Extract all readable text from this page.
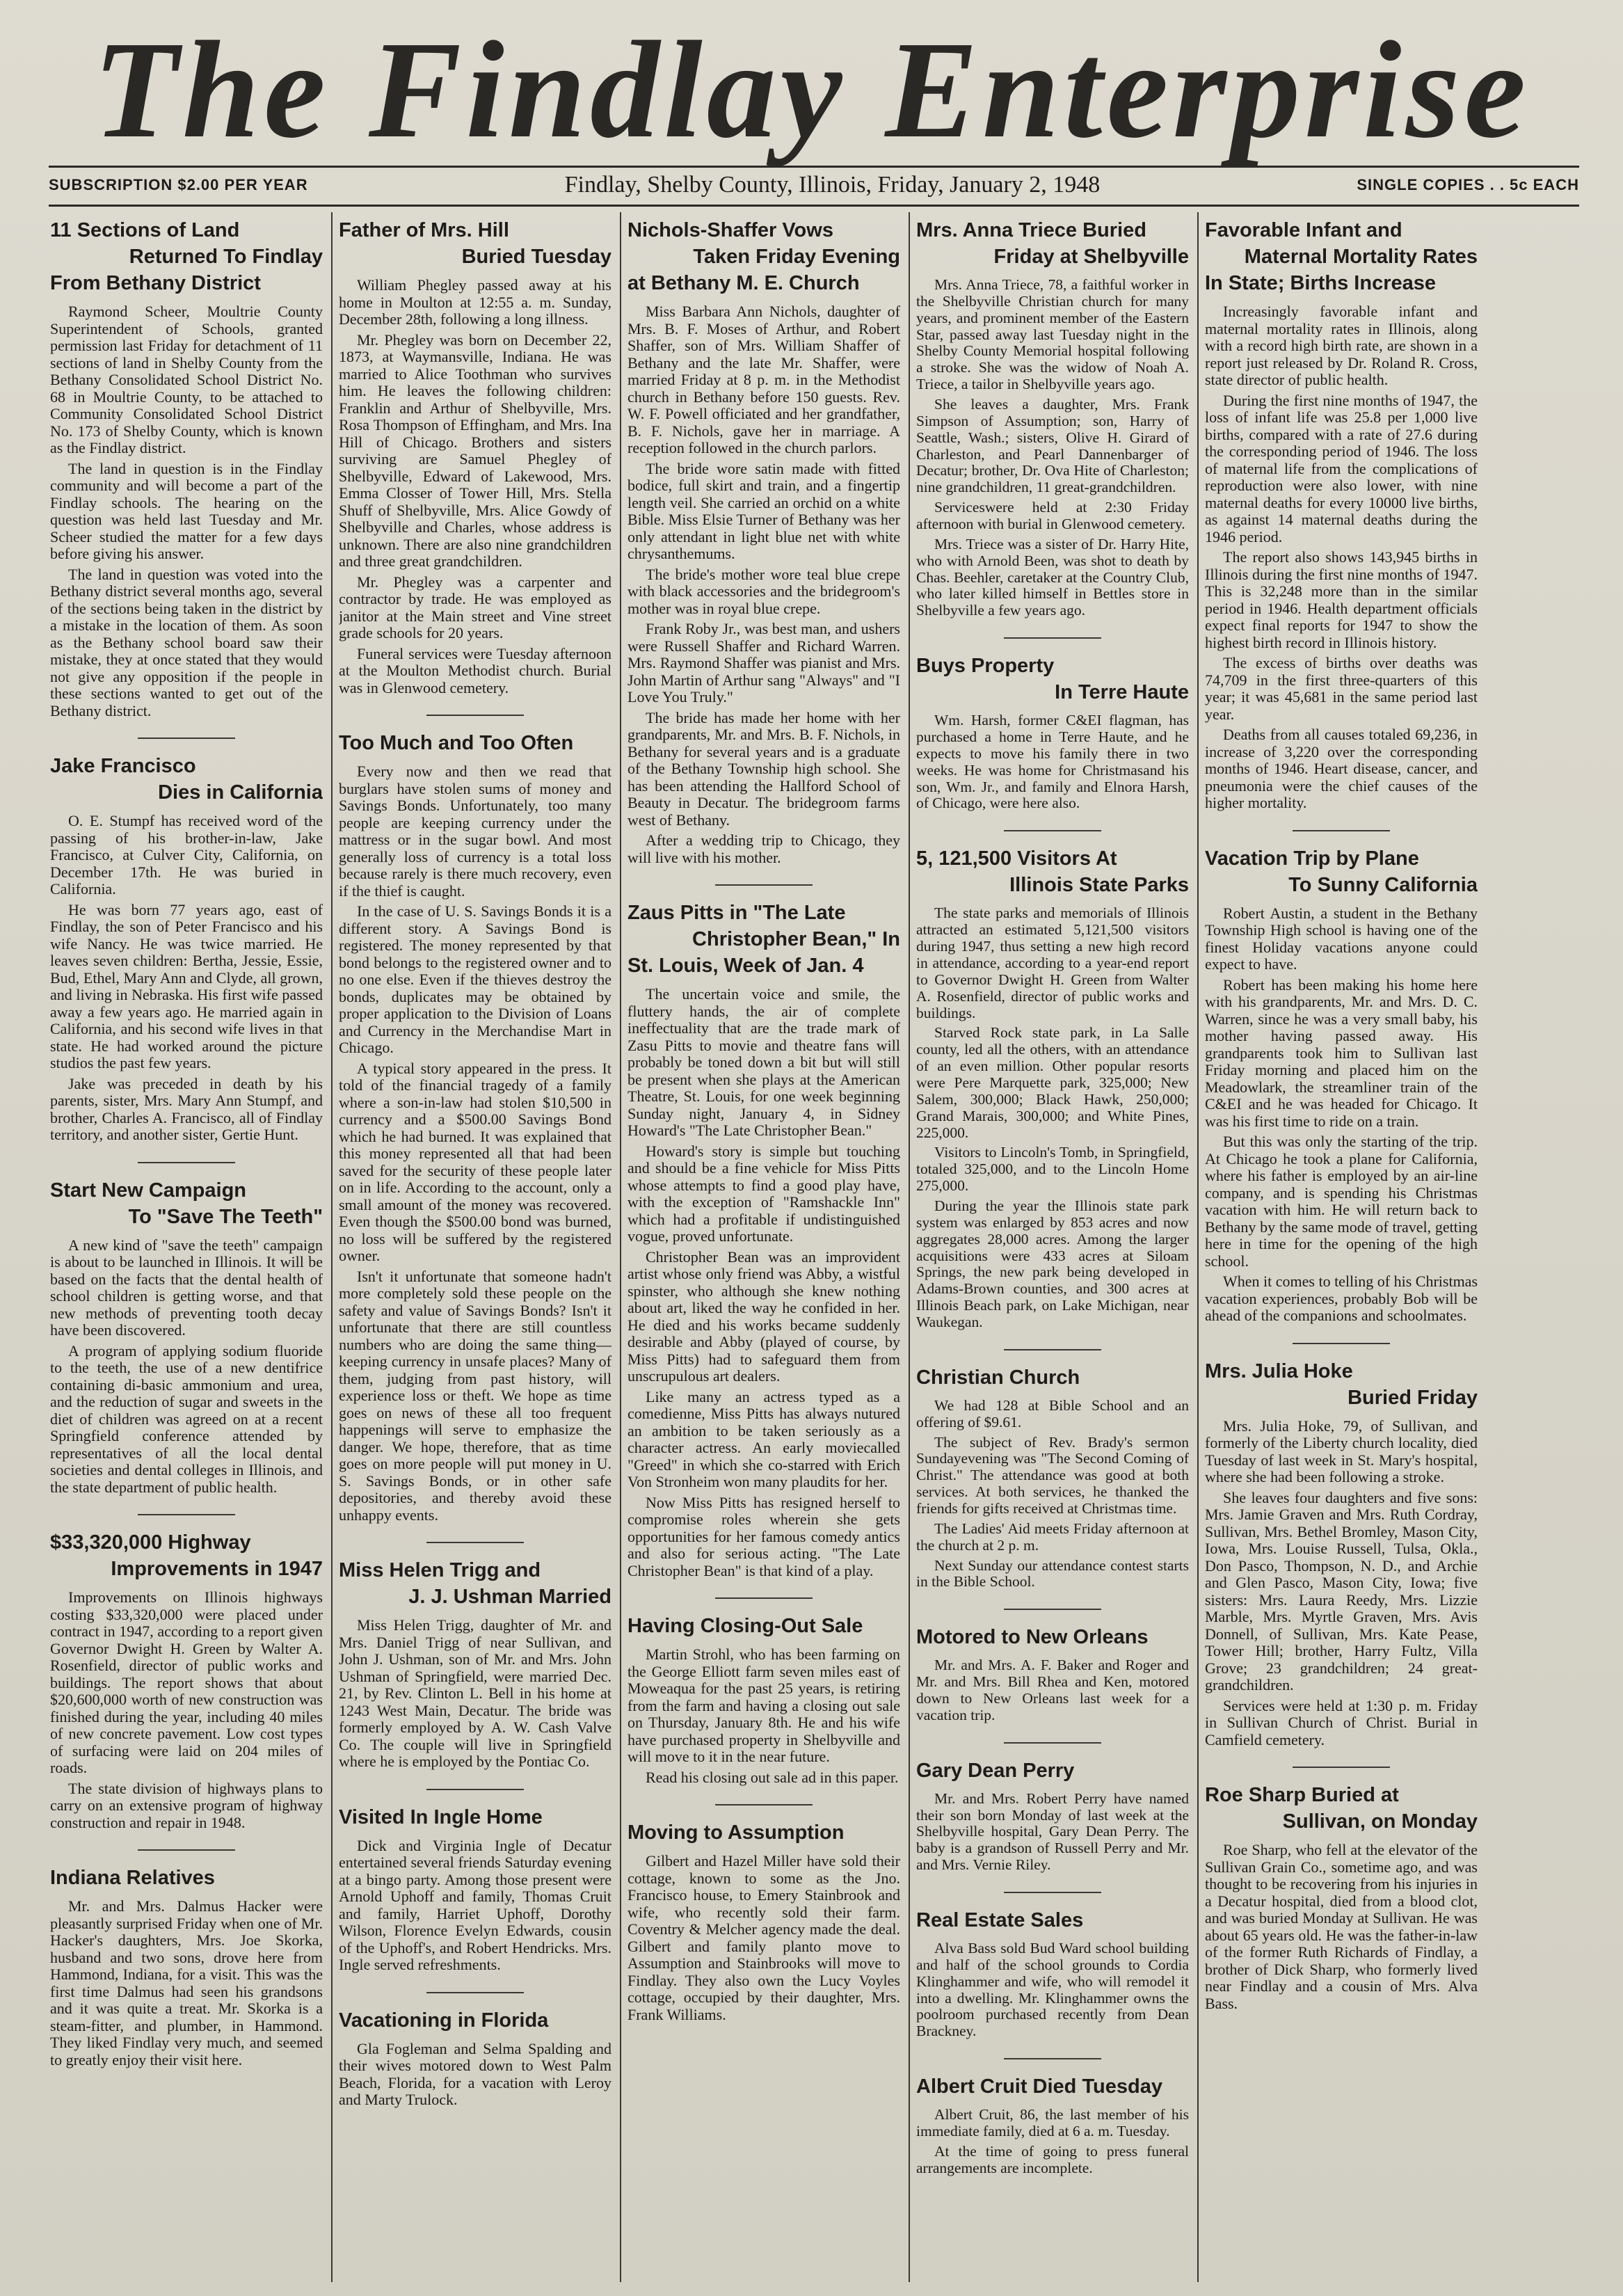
The Findlay Enterprise
SUBSCRIPTION $2.00 PER YEAR	Findlay, Shelby County, Illinois, Friday, January 2, 1948	SINGLE COPIES . . 5c EACH
11 Sections of Land
Returned To Findlay
From Bethany District

Raymond Scheer, Moultrie County Superintendent of Schools, granted permission last Friday for detachment of 11 sections of land in Shelby County from the Bethany Consolidated School District No. 68 in Moultrie County, to be attached to Community Consolidated School District No. 173 of Shelby County, which is known as the Findlay district.

The land in question is in the Findlay community and will become a part of the Findlay schools. The hearing on the question was held last Tuesday and Mr. Scheer studied the matter for a few days before giving his answer.

The land in question was voted into the Bethany district several months ago, several of the sections being taken in the district by a mistake in the location of them. As soon as the Bethany school board saw their mistake, they at once stated that they would not give any opposition if the people in these sections wanted to get out of the Bethany district.

Jake Francisco
Dies in California

O. E. Stumpf has received word of the passing of his brother-in-law, Jake Francisco, at Culver City, California, on December 17th. He was buried in California.

He was born 77 years ago, east of Findlay, the son of Peter Francisco and his wife Nancy. He was twice married. He leaves seven children: Bertha, Jessie, Essie, Bud, Ethel, Mary Ann and Clyde, all grown, and living in Nebraska. His first wife passed away a few years ago. He married again in California, and his second wife lives in that state. He had worked around the picture studios the past few years.

Jake was preceded in death by his parents, sister, Mrs. Mary Ann Stumpf, and brother, Charles A. Francisco, all of Findlay territory, and another sister, Gertie Hunt.

Start New Campaign
To "Save The Teeth"

A new kind of "save the teeth" campaign is about to be launched in Illinois. It will be based on the facts that the dental health of school children is getting worse, and that new methods of preventing tooth decay have been discovered.

A program of applying sodium fluoride to the teeth, the use of a new dentifrice containing di-basic ammonium and urea, and the reduction of sugar and sweets in the diet of children was agreed on at a recent Springfield conference attended by representatives of all the local dental societies and dental colleges in Illinois, and the state department of public health.

$33,320,000 Highway
Improvements in 1947

Improvements on Illinois highways costing $33,320,000 were placed under contract in 1947, according to a report given Governor Dwight H. Green by Walter A. Rosenfield, director of public works and buildings. The report shows that about $20,600,000 worth of new construction was finished during the year, including 40 miles of new concrete pavement. Low cost types of surfacing were laid on 204 miles of roads.

The state division of highways plans to carry on an extensive program of highway construction and repair in 1948.

Indiana Relatives

Mr. and Mrs. Dalmus Hacker were pleasantly surprised Friday when one of Mr. Hacker's daughters, Mrs. Joe Skorka, husband and two sons, drove here from Hammond, Indiana, for a visit. This was the first time Dalmus had seen his grandsons and it was quite a treat. Mr. Skorka is a steam-fitter, and plumber, in Hammond. They liked Findlay very much, and seemed to greatly enjoy their visit here.

Father of Mrs. Hill
Buried Tuesday

William Phegley passed away at his home in Moulton at 12:55 a. m. Sunday, December 28th, following a long illness.

Mr. Phegley was born on December 22, 1873, at Waymansville, Indiana. He was married to Alice Toothman who survives him. He leaves the following children: Franklin and Arthur of Shelbyville, Mrs. Rosa Thompson of Effingham, and Mrs. Ina Hill of Chicago. Brothers and sisters surviving are Samuel Phegley of Shelbyville, Edward of Lakewood, Mrs. Emma Closser of Tower Hill, Mrs. Stella Shuff of Shelbyville, Mrs. Alice Gowdy of Shelbyville and Charles, whose address is unknown. There are also nine grandchildren and three great grandchildren.

Mr. Phegley was a carpenter and contractor by trade. He was employed as janitor at the Main street and Vine street grade schools for 20 years.

Funeral services were Tuesday afternoon at the Moulton Methodist church. Burial was in Glenwood cemetery.

Too Much and Too Often

Every now and then we read that burglars have stolen sums of money and Savings Bonds. Unfortunately, too many people are keeping currency under the mattress or in the sugar bowl. And most generally loss of currency is a total loss because rarely is there much recovery, even if the thief is caught.

In the case of U. S. Savings Bonds it is a different story. A Savings Bond is registered. The money represented by that bond belongs to the registered owner and to no one else. Even if the thieves destroy the bonds, duplicates may be obtained by proper application to the Division of Loans and Currency in the Merchandise Mart in Chicago.

A typical story appeared in the press. It told of the financial tragedy of a family where a son-in-law had stolen $10,500 in currency and a $500.00 Savings Bond which he had burned. It was explained that this money represented all that had been saved for the security of these people later on in life. According to the account, only a small amount of the money was recovered. Even though the $500.00 bond was burned, no loss will be suffered by the registered owner.

Isn't it unfortunate that someone hadn't more completely sold these people on the safety and value of Savings Bonds? Isn't it unfortunate that there are still countless numbers who are doing the same thing—keeping currency in unsafe places? Many of them, judging from past history, will experience loss or theft. We hope as time goes on news of these all too frequent happenings will serve to emphasize the danger. We hope, therefore, that as time goes on more people will put money in U. S. Savings Bonds, or in other safe depositories, and thereby avoid these unhappy events.

Miss Helen Trigg and
J. J. Ushman Married

Miss Helen Trigg, daughter of Mr. and Mrs. Daniel Trigg of near Sullivan, and John J. Ushman, son of Mr. and Mrs. John Ushman of Springfield, were married Dec. 21, by Rev. Clinton L. Bell in his home at 1243 West Main, Decatur. The bride was formerly employed by A. W. Cash Valve Co. The couple will live in Springfield where he is employed by the Pontiac Co.

Visited In Ingle Home

Dick and Virginia Ingle of Decatur entertained several friends Saturday evening at a bingo party. Among those present were Arnold Uphoff and family, Thomas Cruit and family, Harriet Uphoff, Dorothy Wilson, Florence Evelyn Edwards, cousin of the Uphoff's, and Robert Hendricks. Mrs. Ingle served refreshments.

Vacationing in Florida

Gla Fogleman and Selma Spalding and their wives motored down to West Palm Beach, Florida, for a vacation with Leroy and Marty Trulock.

Nichols-Shaffer Vows
Taken Friday Evening
at Bethany M. E. Church

Miss Barbara Ann Nichols, daughter of Mrs. B. F. Moses of Arthur, and Robert Shaffer, son of Mrs. William Shaffer of Bethany and the late Mr. Shaffer, were married Friday at 8 p. m. in the Methodist church in Bethany before 150 guests. Rev. W. F. Powell officiated and her grandfather, B. F. Nichols, gave her in marriage. A reception followed in the church parlors.

The bride wore satin made with fitted bodice, full skirt and train, and a fingertip length veil. She carried an orchid on a white Bible. Miss Elsie Turner of Bethany was her only attendant in light blue net with white chrysanthemums.

The bride's mother wore teal blue crepe with black accessories and the bridegroom's mother was in royal blue crepe.

Frank Roby Jr., was best man, and ushers were Russell Shaffer and Richard Warren. Mrs. Raymond Shaffer was pianist and Mrs. John Martin of Arthur sang "Always" and "I Love You Truly."

The bride has made her home with her grandparents, Mr. and Mrs. B. F. Nichols, in Bethany for several years and is a graduate of the Bethany Township high school. She has been attending the Hallford School of Beauty in Decatur. The bridegroom farms west of Bethany.

After a wedding trip to Chicago, they will live with his mother.

Zaus Pitts in "The Late
Christopher Bean," In
St. Louis, Week of Jan. 4

The uncertain voice and smile, the fluttery hands, the air of complete ineffectuality that are the trade mark of Zasu Pitts to movie and theatre fans will probably be toned down a bit but will still be present when she plays at the American Theatre, St. Louis, for one week beginning Sunday night, January 4, in Sidney Howard's "The Late Christopher Bean."

Howard's story is simple but touching and should be a fine vehicle for Miss Pitts whose attempts to find a good play have, with the exception of "Ramshackle Inn" which had a profitable if undistinguished vogue, proved unfortunate.

Christopher Bean was an improvident artist whose only friend was Abby, a wistful spinster, who although she knew nothing about art, liked the way he confided in her. He died and his works became suddenly desirable and Abby (played of course, by Miss Pitts) had to safeguard them from unscrupulous art dealers.

Like many an actress typed as a comedienne, Miss Pitts has always nutured an ambition to be taken seriously as a character actress. An early moviecalled "Greed" in which she co-starred with Erich Von Stronheim won many plaudits for her.

Now Miss Pitts has resigned herself to compromise roles wherein she gets opportunities for her famous comedy antics and also for serious acting. "The Late Christopher Bean" is that kind of a play.

Having Closing-Out Sale

Martin Strohl, who has been farming on the George Elliott farm seven miles east of Moweaqua for the past 25 years, is retiring from the farm and having a closing out sale on Thursday, January 8th. He and his wife have purchased property in Shelbyville and will move to it in the near future.

Read his closing out sale ad in this paper.

Moving to Assumption

Gilbert and Hazel Miller have sold their cottage, known to some as the Jno. Francisco house, to Emery Stainbrook and wife, who recently sold their farm. Coventry & Melcher agency made the deal. Gilbert and family planto move to Assumption and Stainbrooks will move to Findlay. They also own the Lucy Voyles cottage, occupied by their daughter, Mrs. Frank Williams.

Mrs. Anna Triece Buried
Friday at Shelbyville

Mrs. Anna Triece, 78, a faithful worker in the Shelbyville Christian church for many years, and prominent member of the Eastern Star, passed away last Tuesday night in the Shelby County Memorial hospital following a stroke. She was the widow of Noah A. Triece, a tailor in Shelbyville years ago.

She leaves a daughter, Mrs. Frank Simpson of Assumption; son, Harry of Seattle, Wash.; sisters, Olive H. Girard of Charleston, and Pearl Dannenbarger of Decatur; brother, Dr. Ova Hite of Charleston; nine grandchildren, 11 great-grandchildren.

Serviceswere held at 2:30 Friday afternoon with burial in Glenwood cemetery.

Mrs. Triece was a sister of Dr. Harry Hite, who with Arnold Been, was shot to death by Chas. Beehler, caretaker at the Country Club, who later killed himself in Bettles store in Shelbyville a few years ago.

Buys Property
In Terre Haute

Wm. Harsh, former C&EI flagman, has purchased a home in Terre Haute, and he expects to move his family there in two weeks. He was home for Christmasand his son, Wm. Jr., and family and Elnora Harsh, of Chicago, were here also.

5, 121,500 Visitors At
Illinois State Parks

The state parks and memorials of Illinois attracted an estimated 5,121,500 visitors during 1947, thus setting a new high record in attendance, according to a year-end report to Governor Dwight H. Green from Walter A. Rosenfield, director of public works and buildings.

Starved Rock state park, in La Salle county, led all the others, with an attendance of an even million. Other popular resorts were Pere Marquette park, 325,000; New Salem, 300,000; Black Hawk, 250,000; Grand Marais, 300,000; and White Pines, 225,000.

Visitors to Lincoln's Tomb, in Springfield, totaled 325,000, and to the Lincoln Home 275,000.

During the year the Illinois state park system was enlarged by 853 acres and now aggregates 28,000 acres. Among the larger acquisitions were 433 acres at Siloam Springs, the new park being developed in Adams-Brown counties, and 300 acres at Illinois Beach park, on Lake Michigan, near Waukegan.

Christian Church

We had 128 at Bible School and an offering of $9.61.

The subject of Rev. Brady's sermon Sundayevening was "The Second Coming of Christ." The attendance was good at both services. At both services, he thanked the friends for gifts received at Christmas time.

The Ladies' Aid meets Friday afternoon at the church at 2 p. m.

Next Sunday our attendance contest starts in the Bible School.

Motored to New Orleans

Mr. and Mrs. A. F. Baker and Roger and Mr. and Mrs. Bill Rhea and Ken, motored down to New Orleans last week for a vacation trip.

Gary Dean Perry

Mr. and Mrs. Robert Perry have named their son born Monday of last week at the Shelbyville hospital, Gary Dean Perry. The baby is a grandson of Russell Perry and Mr. and Mrs. Vernie Riley.

Real Estate Sales

Alva Bass sold Bud Ward school building and half of the school grounds to Cordia Klinghammer and wife, who will remodel it into a dwelling. Mr. Klinghammer owns the poolroom purchased recently from Dean Brackney.

Albert Cruit Died Tuesday

Albert Cruit, 86, the last member of his immediate family, died at 6 a. m. Tuesday.

At the time of going to press funeral arrangements are incomplete.

Favorable Infant and
Maternal Mortality Rates
In State; Births Increase

Increasingly favorable infant and maternal mortality rates in Illinois, along with a record high birth rate, are shown in a report just released by Dr. Roland R. Cross, state director of public health.

During the first nine months of 1947, the loss of infant life was 25.8 per 1,000 live births, compared with a rate of 27.6 during the corresponding period of 1946. The loss of maternal life from the complications of reproduction were also lower, with nine maternal deaths for every 10000 live births, as against 14 maternal deaths during the 1946 period.

The report also shows 143,945 births in Illinois during the first nine months of 1947. This is 32,248 more than in the similar period in 1946. Health department officials expect final reports for 1947 to show the highest birth record in Illinois history.

The excess of births over deaths was 74,709 in the first three-quarters of this year; it was 45,681 in the same period last year.

Deaths from all causes totaled 69,236, in increase of 3,220 over the corresponding months of 1946. Heart disease, cancer, and pneumonia were the chief causes of the higher mortality.

Vacation Trip by Plane
To Sunny California

Robert Austin, a student in the Bethany Township High school is having one of the finest Holiday vacations anyone could expect to have.

Robert has been making his home here with his grandparents, Mr. and Mrs. D. C. Warren, since he was a very small baby, his mother having passed away. His grandparents took him to Sullivan last Friday morning and placed him on the Meadowlark, the streamliner train of the C&EI and he was headed for Chicago. It was his first time to ride on a train.

But this was only the starting of the trip. At Chicago he took a plane for California, where his father is employed by an air-line company, and is spending his Christmas vacation with him. He will return back to Bethany by the same mode of travel, getting here in time for the opening of the high school.

When it comes to telling of his Christmas vacation experiences, probably Bob will be ahead of the companions and schoolmates.

Mrs. Julia Hoke
Buried Friday

Mrs. Julia Hoke, 79, of Sullivan, and formerly of the Liberty church locality, died Tuesday of last week in St. Mary's hospital, where she had been following a stroke.

She leaves four daughters and five sons: Mrs. Jamie Graven and Mrs. Ruth Cordray, Sullivan, Mrs. Bethel Bromley, Mason City, Iowa, Mrs. Louise Russell, Tulsa, Okla., Don Pasco, Thompson, N. D., and Archie and Glen Pasco, Mason City, Iowa; five sisters: Mrs. Laura Reedy, Mrs. Lizzie Marble, Mrs. Myrtle Graven, Mrs. Avis Donnell, of Sullivan, Mrs. Kate Pease, Tower Hill; brother, Harry Fultz, Villa Grove; 23 grandchildren; 24 great-grandchildren.

Services were held at 1:30 p. m. Friday in Sullivan Church of Christ. Burial in Camfield cemetery.

Roe Sharp Buried at
Sullivan, on Monday

Roe Sharp, who fell at the elevator of the Sullivan Grain Co., sometime ago, and was thought to be recovering from his injuries in a Decatur hospital, died from a blood clot, and was buried Monday at Sullivan. He was about 65 years old. He was the father-in-law of the former Ruth Richards of Findlay, a brother of Dick Sharp, who formerly lived near Findlay and a cousin of Mrs. Alva Bass.
